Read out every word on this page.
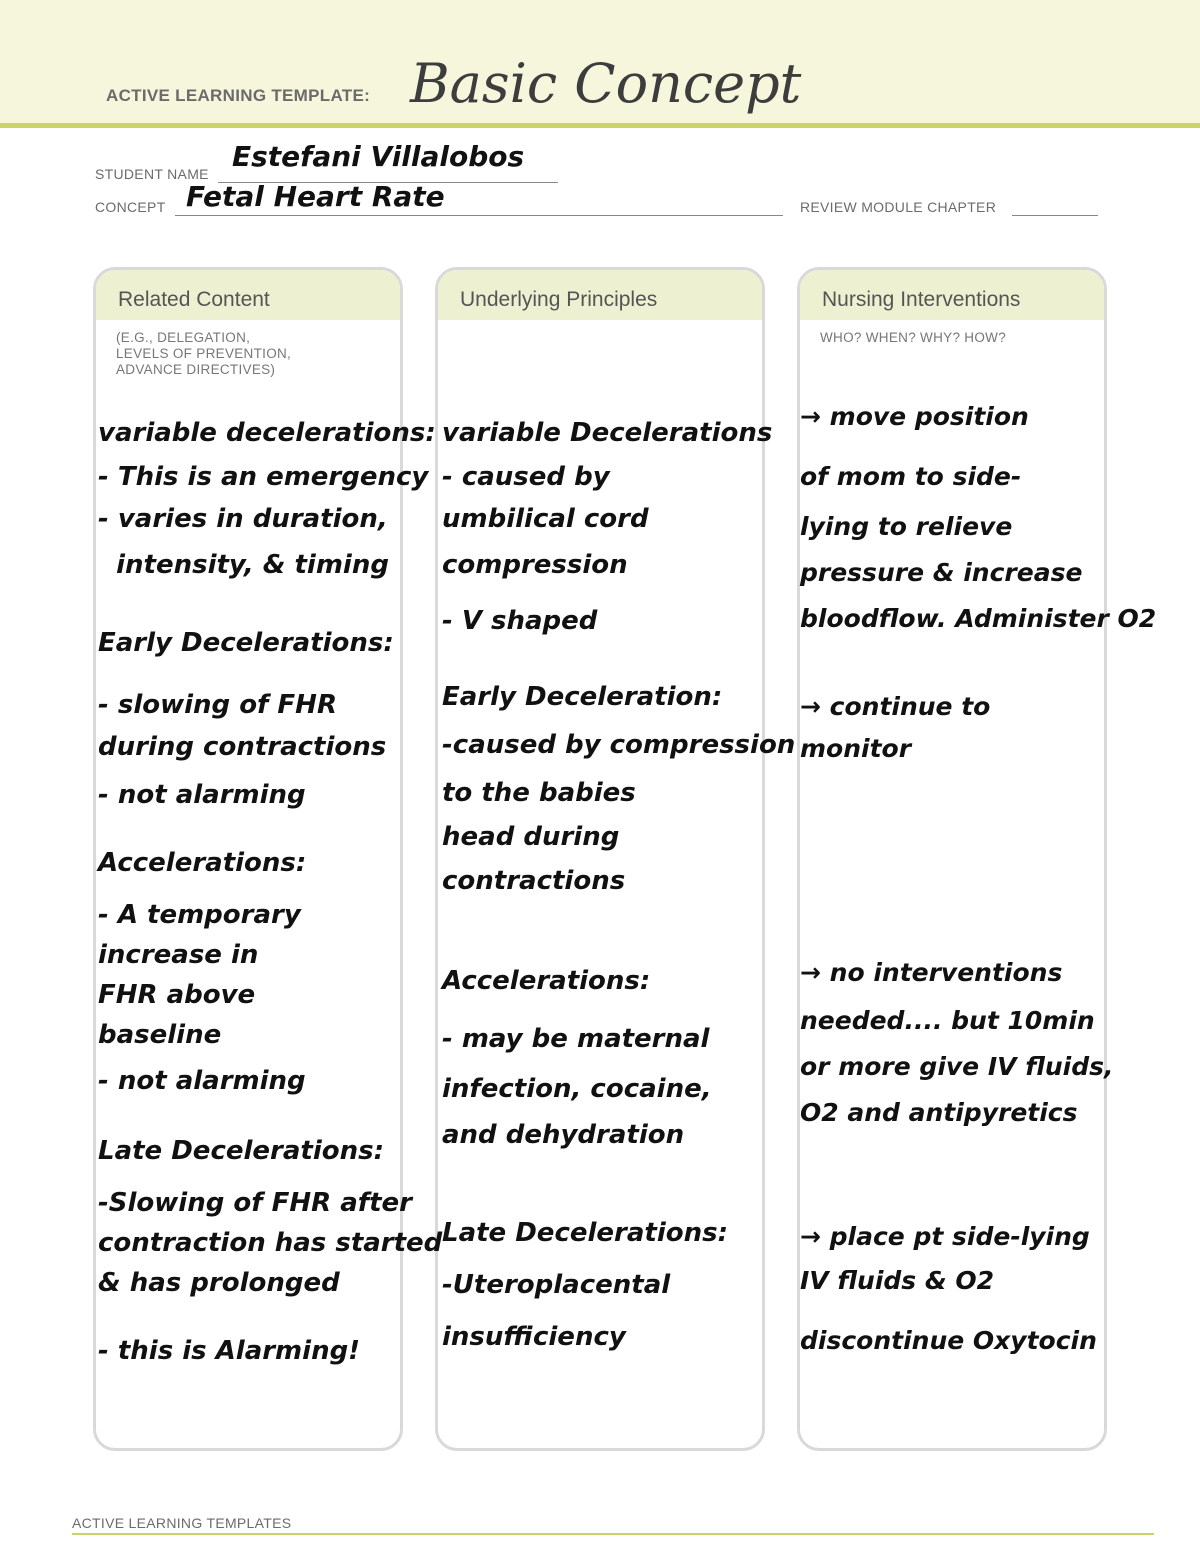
ACTIVE LEARNING TEMPLATE: Basic Concept
STUDENT NAME
Estefani Villalobos
CONCEPT Fetal Heart Rate	REVIEW MODULE CHAPTER
Related Content
(E.G., DELEGATION,
LEVELS OF PREVENTION,
ADVANCE DIRECTIVES)
Underlying Principles	Nursing Interventions
WHO? WHEN? WHY? HOW?
variable decelerations:
- This is an emergency
- varies in duration,
intensity, & timing
Early Decelerations:
- slowing of FHR
during contractions
- not alarming
Accelerations:
- A temporary
increase in
FHR above
baseline
- not alarming
Late Decelerations:
-Slowing of FHR after
contraction has started
& has prolonged
- this is Alarming!
variable Decelerations
- caused by
umbilical cord
compression
- V shaped
Early Deceleration:
-caused by compression
to the babies
head during
contractions
Accelerations:
- may be maternal
infection, cocaine,
and dehydration
Late Decelerations:
-Uteroplacental
insufficiency
→ move position
of mom to side-
lying to relieve
pressure & increase
bloodflow. Administer O2
→ continue to
monitor
→ no interventions
needed.... but 10min
or more give IV fluids,
O2 and antipyretics
→ place pt side-lying
IV fluids & O2
discontinue Oxytocin
ACTIVE LEARNING TEMPLATES
